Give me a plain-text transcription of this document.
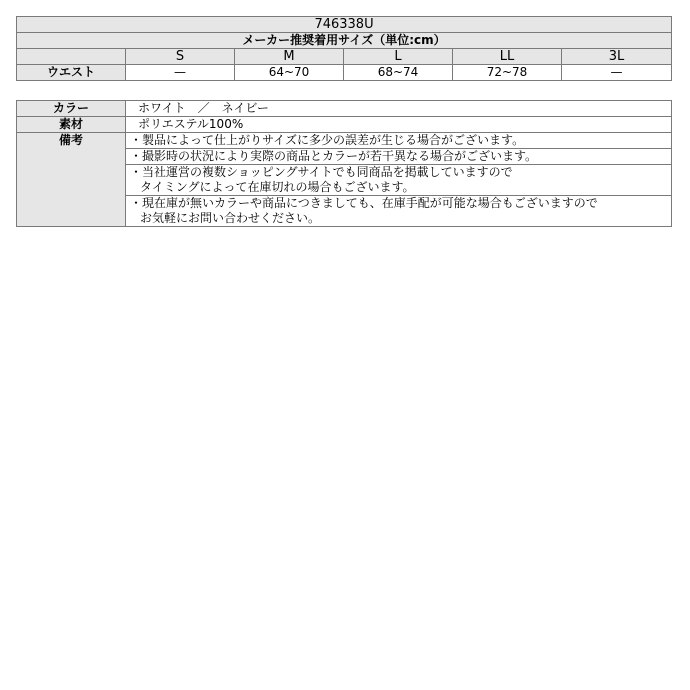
746338U					
メーカー推奨着用サイズ（単位:cm）					
	S	M	L	LL	3L
ウエスト	—	64~70	68~74	72~78	—
カラー	ホワイト　／　ネイビー
素材	ポリエステル100%
備考	・製品によって仕上がりサイズに多少の誤差が生じる場合がございます。

	・撮影時の状況により実際の商品とカラーが若干異なる場合がございます。

	・当社運営の複数ショッピングサイトでも同商品を掲載していますので
タイミングによって在庫切れの場合もございます。

	・現在庫が無いカラーや商品につきましても、在庫手配が可能な場合もございますので
お気軽にお問い合わせください。
